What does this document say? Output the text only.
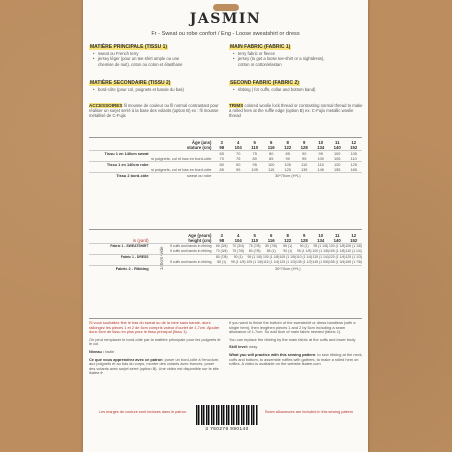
JASMIN
Fr - Sweat ou robe confort / Eng - Loose sweatshirt or dress
MATIÈRE PRINCIPALE (TISSU 1)
• sweat ou French terry
• jersey léger (pour un tee-shirt ample ou une
chemise de nuit), coton ou coton et élasthane
MATIÈRE SECONDAIRE (TISSU 2)
• bord-côte (pour col, poignets et bande du bas)
ACCESSOIRES fil mousse de couleur ou fil normal contrastant pour réaliser un surjet serré à la base des volants (option B) ex : fil mousse métallisé de C-Fujix
MAIN FABRIC (FABRIC 1)
• terry fabric or fleece
• jersey (to get a loose tee-shirt or a nightdress),
cotton or cotton/elastan
SECOND FABRIC (FABRIC 2)
• ribbing ( for cuffs, collar and bottom band)
TRIMS colored woolie lock thread or contrasting normal thread to make a rolled hem at the ruffle edge (option B) ex: C-Fujix metallic woolie thread
	Âge (ans)	3	4	5	6	8	9	10	11	12
	stature (cm)	98	104	110	116	122	128	134	140	152
Tissu 1 en 140cm sweat		65	70	75	80	85	90	95	100	105
	si poignets, col et bas en bord-côte	70	75	80	85	90	95	100	105	110
Tissu 1 en 140cm robe		80	90	95	100	105	110	115	120	125
	si poignets, col et bas en bord-côte	85	95	105	115	125	135	145	155	165
Tissu 2 bord-côte	sweat ou robe	30*70cm (H*L)								
140cm wide
	Age (years)	3	4	5	6	8	9	10	11	12
in (yard)	height (cm)	98	104	110	116	122	128	134	140	152
Fabric 1 - SWEATSHIRT	If cuffs and bands in ribbing	65 (3/4)	70 (3/4)	75 (7/8)	80 (7/8)	85 (1)	90 (1)	95 (1 1/8)	100 (1 1/8)	105 (1 1/8)
	If cuffs and bands in ribbing	70 (3/4)	75 (7/8)	80 (7/8)	85 (1)	90 (1)	95 (1 1/8)	100 (1 1/8)	105 (1 1/8)	110 (1 1/4)
Fabric 1 - DRESS		80 (7/8)	90 (1)	95 (1 1/8)	100 (1 1/8)	105 (1 1/8)	110 (1 1/4)	115 (1 1/4)	120 (1 1/4)	125 (1 1/3)
	If cuffs and bands in ribbing	85 (1)	95 (1 1/8)	105 (1 1/8)	115 (1 1/4)	125 (1 1/3)	135 (1 1/2)	145 (1 5/8)	155 (1 3/4)	165 (1 7/8)
Fabric 2 - Ribbing		30*70cm (H*L)								
Si vous souhaitez finir le bas du sweat ou de la robe sans bande, alors rallongez les pièces 1 et 2 de 5cm compris valeur d'ourlet de 1,7cm. Ajouter donc 6cm de tissu en plus pour le tissu principal (tissu 1).
On peut remplacer le bord-côte par la matière principale pour les poignets et le col.
Niveau : facile
Ce que vous apprendrez avec ce patron: poser un bord-côte à l'encolure, aux poignets et au bas du corps, monter des volants avec fronces, poser des volants avec surjet serré (option B). Une vidéo est disponible sur le site ikatee.fr
If you want to finish the bottom of the sweatshirt or dress bandless (with a single hem), then lengthen pieces 1 and 2 by 5cm including a seam allowance of 1.7cm. So add 6cm of main fabric needed (fabric 1).
You can replace the ribbing by the main fabric at the cuffs and lower body.
Skill level: easy
What you will practice with this sewing pattern: to sew ribbing at the neck, cuffs and bottom, to assemble ruffles with gathers, to make a rolled hem on ruffles. A video is available on the website ikatee.com
Les marges de couture sont incluses dans le patron.	Seam allowances are included in this sewing pattern
3 760278 990140
